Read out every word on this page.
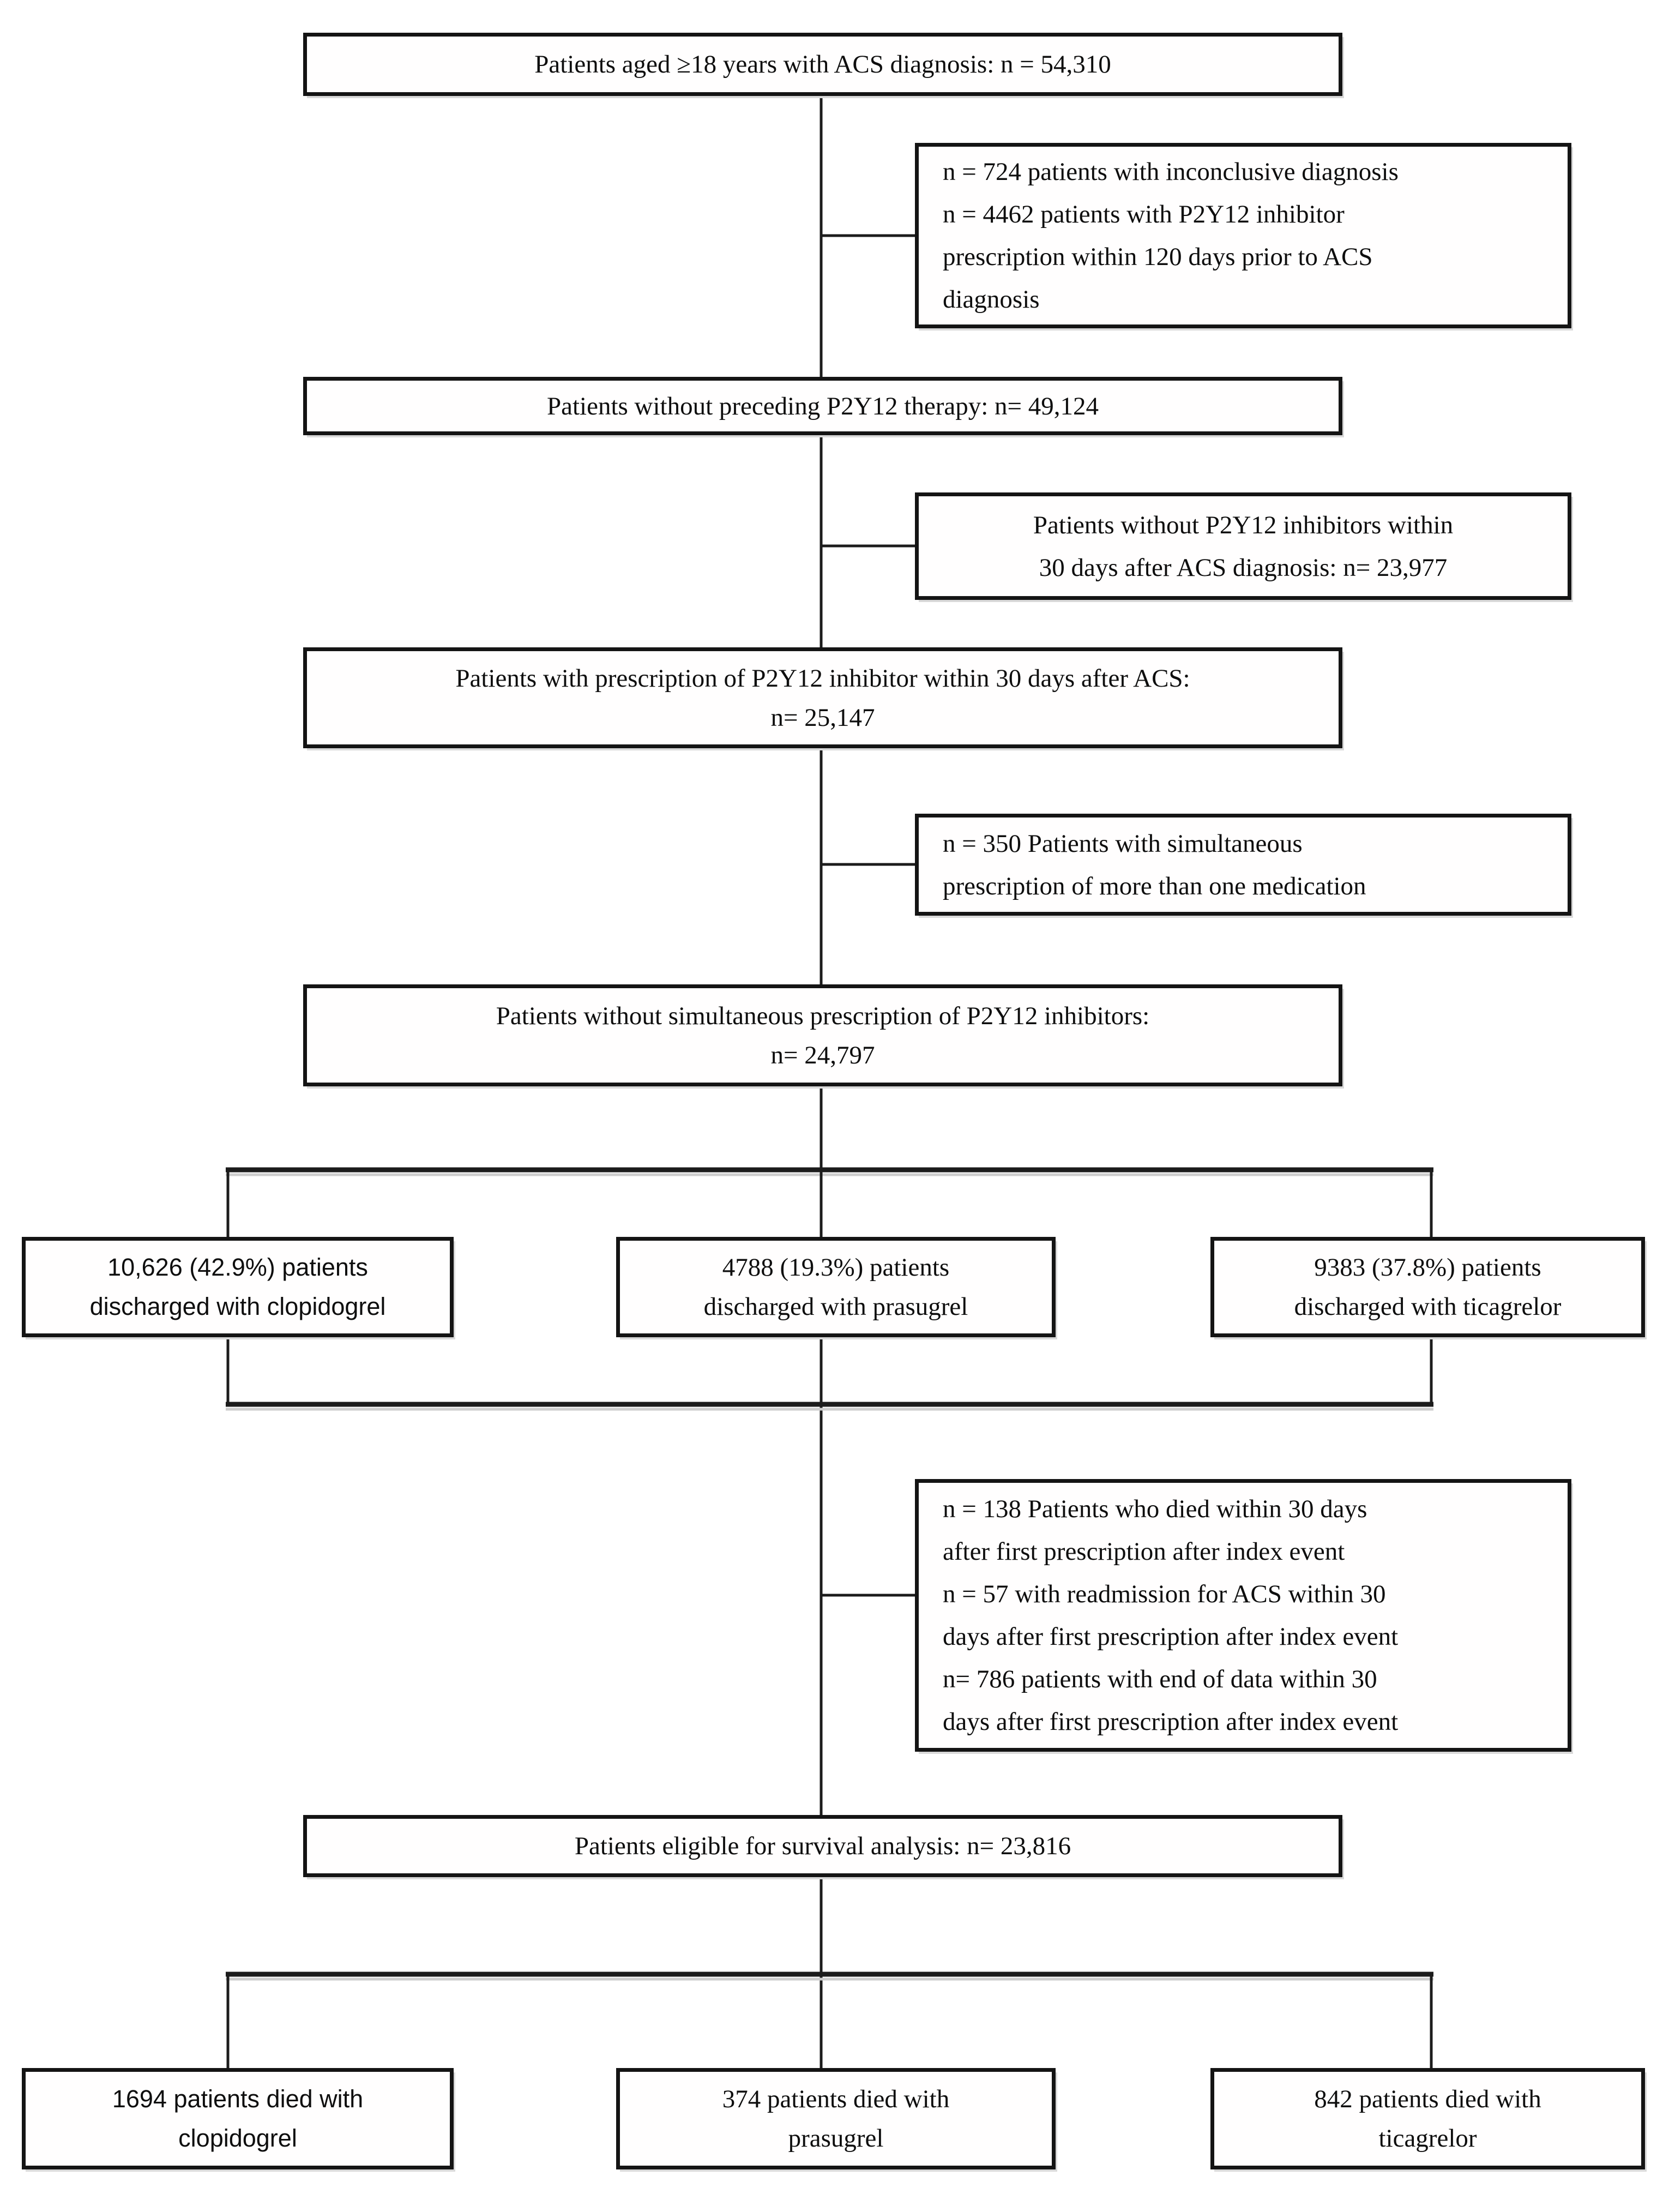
Patients aged ≥18 years with ACS diagnosis: n = 54,310
n = 724 patients with inconclusive diagnosis
n = 4462 patients with P2Y12 inhibitor
prescription within 120 days prior to ACS
diagnosis
Patients without preceding P2Y12 therapy: n= 49,124
Patients without P2Y12 inhibitors within
30 days after ACS diagnosis: n= 23,977
Patients with prescription of P2Y12 inhibitor within 30 days after ACS:
n= 25,147
n = 350 Patients with simultaneous
prescription of more than one medication
Patients without simultaneous prescription of P2Y12 inhibitors:
n= 24,797
10,626 (42.9%) patients
discharged with clopidogrel
4788 (19.3%) patients
discharged with prasugrel
9383 (37.8%) patients
discharged with ticagrelor
n = 138 Patients who died within 30 days
after first prescription after index event
n = 57 with readmission for ACS within 30
days after first prescription after index event
n= 786 patients with end of data within 30
days after first prescription after index event
Patients eligible for survival analysis: n= 23,816
1694 patients died with
clopidogrel
374 patients died with
prasugrel
842 patients died with
ticagrelor
